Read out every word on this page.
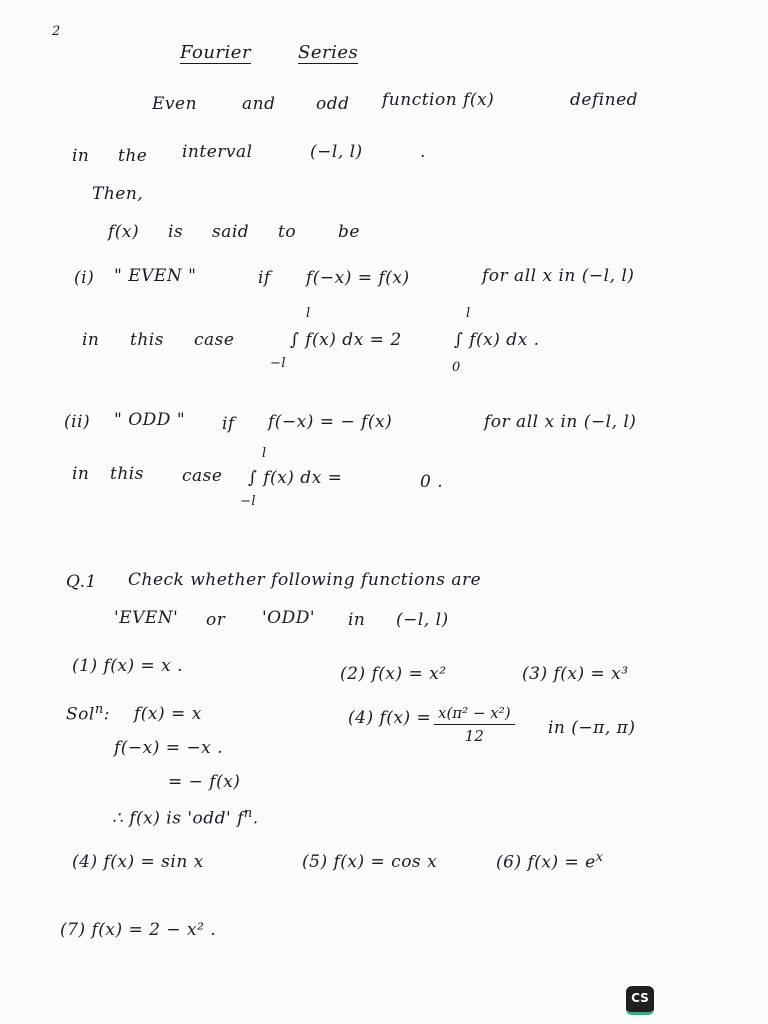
2
Fourier	Series
Even	and odd function f(x)	defined
in the interval	(−l, l)	.
Then,
f(x) is said to be
(i) " EVEN "	if f(−x) = f(x)	for all x in (−l, l)
in this case
l
∫ f(x) dx = 2
−l
l
∫ f(x) dx .
0
(ii) " ODD " if f(−x) = − f(x)	for all x in (−l, l)
in this case
l
∫ f(x) dx =
−l
0 .
Q.1 Check whether following functions are
'EVEN' or 'ODD' in (−l, l)
(1) f(x) = x .	(2) f(x) = x²	(3) f(x) = x³
Sol$^n$: f(x) = x	(4) $f(x) = \frac{\text{x(π² − x²)}}{12}$ in (−π, π)
f(−x) = −x .
= − f(x)
∴ f(x) is 'odd' $f^n$.
(4) f(x) = sin x	(5) f(x) = cos x	(6) $f(x) = e^x$
(7) f(x) = 2 − x² .
CS
